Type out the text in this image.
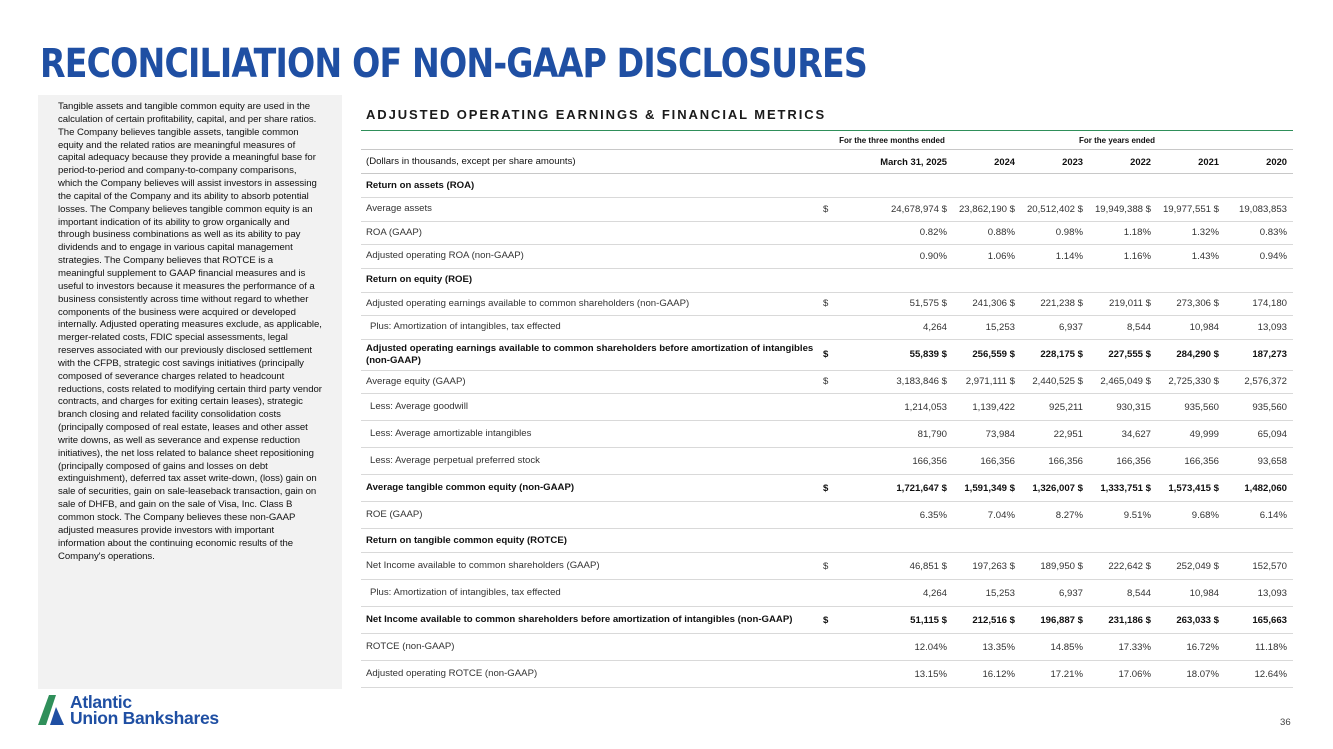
RECONCILIATION OF NON-GAAP DISCLOSURES

Tangible assets and tangible common equity are used in the calculation of certain profitability, capital, and per share ratios. The Company believes tangible assets, tangible common equity and the related ratios are meaningful measures of capital adequacy because they provide a meaningful base for period-to-period and company-to-company comparisons, which the Company believes will assist investors in assessing the capital of the Company and its ability to absorb potential losses. The Company believes tangible common equity is an important indication of its ability to grow organically and through business combinations as well as its ability to pay dividends and to engage in various capital management strategies. The Company believes that ROTCE is a meaningful supplement to GAAP financial measures and is useful to investors because it measures the performance of a business consistently across time without regard to whether components of the business were acquired or developed internally. Adjusted operating measures exclude, as applicable, merger-related costs, FDIC special assessments, legal reserves associated with our previously disclosed settlement with the CFPB, strategic cost savings initiatives (principally composed of severance charges related to headcount reductions, costs related to modifying certain third party vendor contracts, and charges for exiting certain leases), strategic branch closing and related facility consolidation costs (principally composed of real estate, leases and other asset write downs, as well as severance and expense reduction initiatives), the net loss related to balance sheet repositioning (principally composed of gains and losses on debt extinguishment), deferred tax asset write-down, (loss) gain on sale of securities, gain on sale-leaseback transaction, gain on sale of DHFB, and gain on the sale of Visa, Inc. Class B common stock. The Company believes these non-GAAP adjusted measures provide investors with important information about the continuing economic results of the Company's operations.

ADJUSTED OPERATING EARNINGS & FINANCIAL METRICS
For the three months ended	For the years ended
(Dollars in thousands, except per share amounts)	March 31, 2025	2024	2023	2022	2021	2020
Return on assets (ROA)
Average assets	$	24,678,974 $	23,862,190 $	20,512,402 $	19,949,388 $	19,977,551 $	19,083,853
ROA (GAAP)	0.82%	0.88%	0.98%	1.18%	1.32%	0.83%
Adjusted operating ROA (non-GAAP)	0.90%	1.06%	1.14%	1.16%	1.43%	0.94%
Return on equity (ROE)
Adjusted operating earnings available to common shareholders (non-GAAP)	$	51,575 $	241,306 $	221,238 $	219,011 $	273,306 $	174,180
Plus: Amortization of intangibles, tax effected	4,264	15,253	6,937	8,544	10,984	13,093
Adjusted operating earnings available to common shareholders before amortization of intangibles (non-GAAP)	$	55,839 $	256,559 $	228,175 $	227,555 $	284,290 $	187,273
Average equity (GAAP)	$	3,183,846 $	2,971,111 $	2,440,525 $	2,465,049 $	2,725,330 $	2,576,372
Less: Average goodwill	1,214,053	1,139,422	925,211	930,315	935,560	935,560
Less: Average amortizable intangibles	81,790	73,984	22,951	34,627	49,999	65,094
Less: Average perpetual preferred stock	166,356	166,356	166,356	166,356	166,356	93,658
Average tangible common equity (non-GAAP)	$	1,721,647 $	1,591,349 $	1,326,007 $	1,333,751 $	1,573,415 $	1,482,060
ROE (GAAP)	6.35%	7.04%	8.27%	9.51%	9.68%	6.14%
Return on tangible common equity (ROTCE)
Net Income available to common shareholders (GAAP)	$	46,851 $	197,263 $	189,950 $	222,642 $	252,049 $	152,570
Plus: Amortization of intangibles, tax effected	4,264	15,253	6,937	8,544	10,984	13,093
Net Income available to common shareholders before amortization of intangibles (non-GAAP)	$	51,115 $	212,516 $	196,887 $	231,186 $	263,033 $	165,663
ROTCE (non-GAAP)	12.04%	13.35%	14.85%	17.33%	16.72%	11.18%
Adjusted operating ROTCE (non-GAAP)	13.15%	16.12%	17.21%	17.06%	18.07%	12.64%
Atlantic
Union Bankshares	36
